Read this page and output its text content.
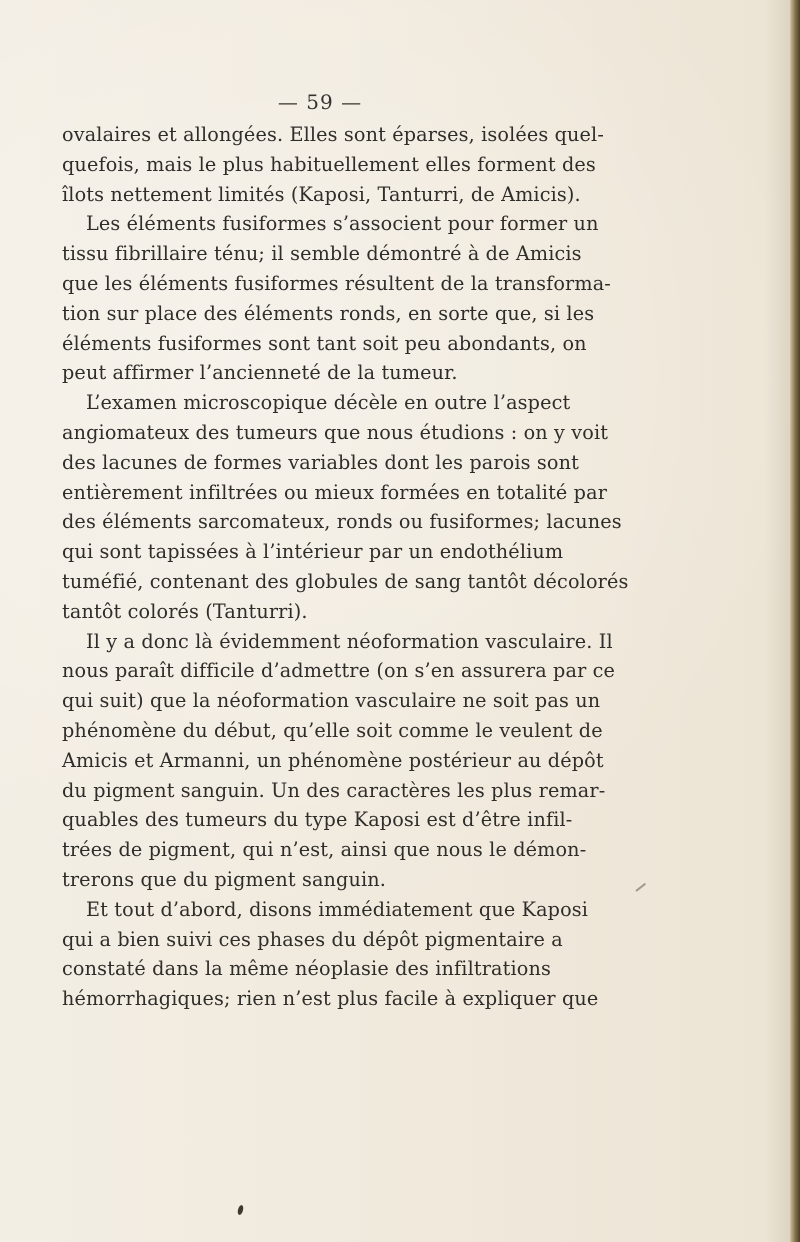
— 59 —
ovalaires et allongées. Elles sont éparses, isolées quel-
quefois, mais le plus habituellement elles forment des
îlots nettement limités (Kaposi, Tanturri, de Amicis).
Les éléments fusiformes s’associent pour former un
tissu fibrillaire ténu; il semble démontré à de Amicis
que les éléments fusiformes résultent de la transforma-
tion sur place des éléments ronds, en sorte que, si les
éléments fusiformes sont tant soit peu abondants, on
peut affirmer l’ancienneté de la tumeur.
L’examen microscopique décèle en outre l’aspect
angiomateux des tumeurs que nous étudions : on y voit
des lacunes de formes variables dont les parois sont
entièrement infiltrées ou mieux formées en totalité par
des éléments sarcomateux, ronds ou fusiformes; lacunes
qui sont tapissées à l’intérieur par un endothélium
tuméfié, contenant des globules de sang tantôt décolorés
tantôt colorés (Tanturri).
Il y a donc là évidemment néoformation vasculaire. Il
nous paraît difficile d’admettre (on s’en assurera par ce
qui suit) que la néoformation vasculaire ne soit pas un
phénomène du début, qu’elle soit comme le veulent de
Amicis et Armanni, un phénomène postérieur au dépôt
du pigment sanguin. Un des caractères les plus remar-
quables des tumeurs du type Kaposi est d’être infil-
trées de pigment, qui n’est, ainsi que nous le démon-
trerons que du pigment sanguin.
Et tout d’abord, disons immédiatement que Kaposi
qui a bien suivi ces phases du dépôt pigmentaire a
constaté dans la même néoplasie des infiltrations
hémorrhagiques; rien n’est plus facile à expliquer que
